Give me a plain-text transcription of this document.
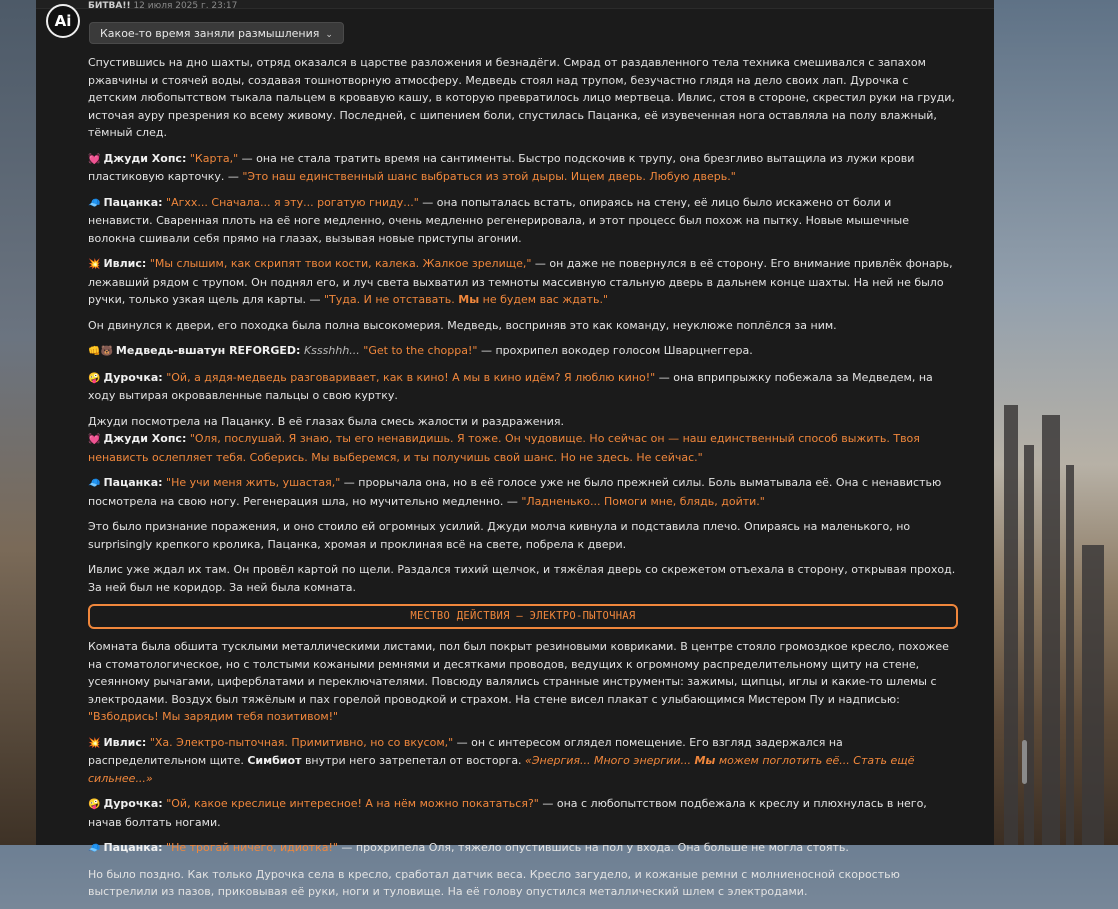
Ai
БИТВА!! 12 июля 2025 г. 23:17
Какое-то время заняли размышления ⌄

Спустившись на дно шахты, отряд оказался в царстве разложения и безнадёги. Смрад от раздавленного тела техника смешивался с запахом ржавчины и стоячей воды, создавая тошнотворную атмосферу. Медведь стоял над трупом, безучастно глядя на дело своих лап. Дурочка с детским любопытством тыкала пальцем в кровавую кашу, в которую превратилось лицо мертвеца. Ивлис, стоя в стороне, скрестил руки на груди, источая ауру презрения ко всему живому. Последней, с шипением боли, спустилась Пацанка, её изувеченная нога оставляла на полу влажный, тёмный след.

💓 Джуди Хопс: "Карта," — она не стала тратить время на сантименты. Быстро подскочив к трупу, она брезгливо вытащила из лужи крови пластиковую карточку. — "Это наш единственный шанс выбраться из этой дыры. Ищем дверь. Любую дверь."

🧢 Пацанка: "Агхх... Сначала... я эту... рогатую гниду..." — она попыталась встать, опираясь на стену, её лицо было искажено от боли и ненависти. Сваренная плоть на её ноге медленно, очень медленно регенерировала, и этот процесс был похож на пытку. Новые мышечные волокна сшивали себя прямо на глазах, вызывая новые приступы агонии.

💥 Ивлис: "Мы слышим, как скрипят твои кости, калека. Жалкое зрелище," — он даже не повернулся в её сторону. Его внимание привлёк фонарь, лежавший рядом с трупом. Он поднял его, и луч света выхватил из темноты массивную стальную дверь в дальнем конце шахты. На ней не было ручки, только узкая щель для карты. — "Туда. И не отставать. Мы не будем вас ждать."

Он двинулся к двери, его походка была полна высокомерия. Медведь, восприняв это как команду, неуклюже поплёлся за ним.

👊🐻 Медведь-вшатун REFORGED: Kssshhh... "Get to the choppa!" — прохрипел вокодер голосом Шварцнеггера.

🤪 Дурочка: "Ой, а дядя-медведь разговаривает, как в кино! А мы в кино идём? Я люблю кино!" — она вприпрыжку побежала за Медведем, на ходу вытирая окровавленные пальцы о свою куртку.

Джуди посмотрела на Пацанку. В её глазах была смесь жалости и раздражения.

💓 Джуди Хопс: "Оля, послушай. Я знаю, ты его ненавидишь. Я тоже. Он чудовище. Но сейчас он — наш единственный способ выжить. Твоя ненависть ослепляет тебя. Соберись. Мы выберемся, и ты получишь свой шанс. Но не здесь. Не сейчас."

🧢 Пацанка: "Не учи меня жить, ушастая," — прорычала она, но в её голосе уже не было прежней силы. Боль выматывала её. Она с ненавистью посмотрела на свою ногу. Регенерация шла, но мучительно медленно. — "Ладненько... Помоги мне, блядь, дойти."

Это было признание поражения, и оно стоило ей огромных усилий. Джуди молча кивнула и подставила плечо. Опираясь на маленького, но surprisingly крепкого кролика, Пацанка, хромая и проклиная всё на свете, побрела к двери.

Ивлис уже ждал их там. Он провёл картой по щели. Раздался тихий щелчок, и тяжёлая дверь со скрежетом отъехала в сторону, открывая проход. За ней был не коридор. За ней была комната.

МЕСТВО ДЕЙСТВИЯ – ЭЛЕКТРО-ПЫТОЧНАЯ

Комната была обшита тусклыми металлическими листами, пол был покрыт резиновыми ковриками. В центре стояло громоздкое кресло, похожее на стоматологическое, но с толстыми кожаными ремнями и десятками проводов, ведущих к огромному распределительному щиту на стене, усеянному рычагами, циферблатами и переключателями. Повсюду валялись странные инструменты: зажимы, щипцы, иглы и какие-то шлемы с электродами. Воздух был тяжёлым и пах горелой проводкой и страхом. На стене висел плакат с улыбающимся Мистером Пу и надписью: "Взбодрись! Мы зарядим тебя позитивом!"

💥 Ивлис: "Ха. Электро-пыточная. Примитивно, но со вкусом," — он с интересом оглядел помещение. Его взгляд задержался на распределительном щите. Симбиот внутри него затрепетал от восторга. «Энергия... Много энергии... Мы можем поглотить её... Стать ещё сильнее...»

🤪 Дурочка: "Ой, какое креслице интересное! А на нём можно покататься?" — она с любопытством подбежала к креслу и плюхнулась в него, начав болтать ногами.

🧢 Пацанка: "Не трогай ничего, идиотка!" — прохрипела Оля, тяжело опустившись на пол у входа. Она больше не могла стоять.

Но было поздно. Как только Дурочка села в кресло, сработал датчик веса. Кресло загудело, и кожаные ремни с молниеносной скоростью выстрелили из пазов, приковывая её руки, ноги и туловище. На её голову опустился металлический шлем с электродами.
